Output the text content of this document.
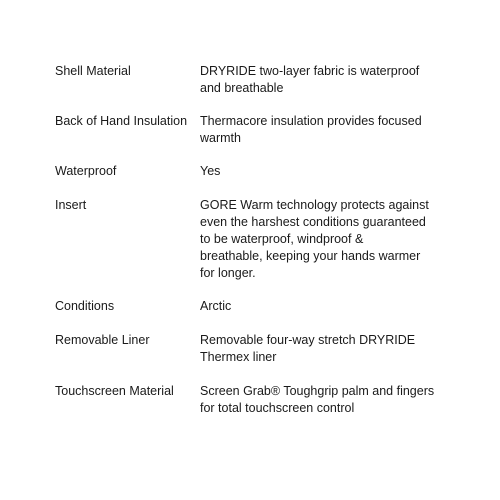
Shell Material	DRYRIDE two-layer fabric is waterproof
and breathable
Back of Hand Insulation	Thermacore insulation provides focused
warmth
Waterproof	Yes
Insert	GORE Warm technology protects against
even the harshest conditions guaranteed
to be waterproof, windproof &
breathable, keeping your hands warmer
for longer.
Conditions	Arctic
Removable Liner	Removable four-way stretch DRYRIDE
Thermex liner
Touchscreen Material	Screen Grab® Toughgrip palm and fingers
for total touchscreen control
